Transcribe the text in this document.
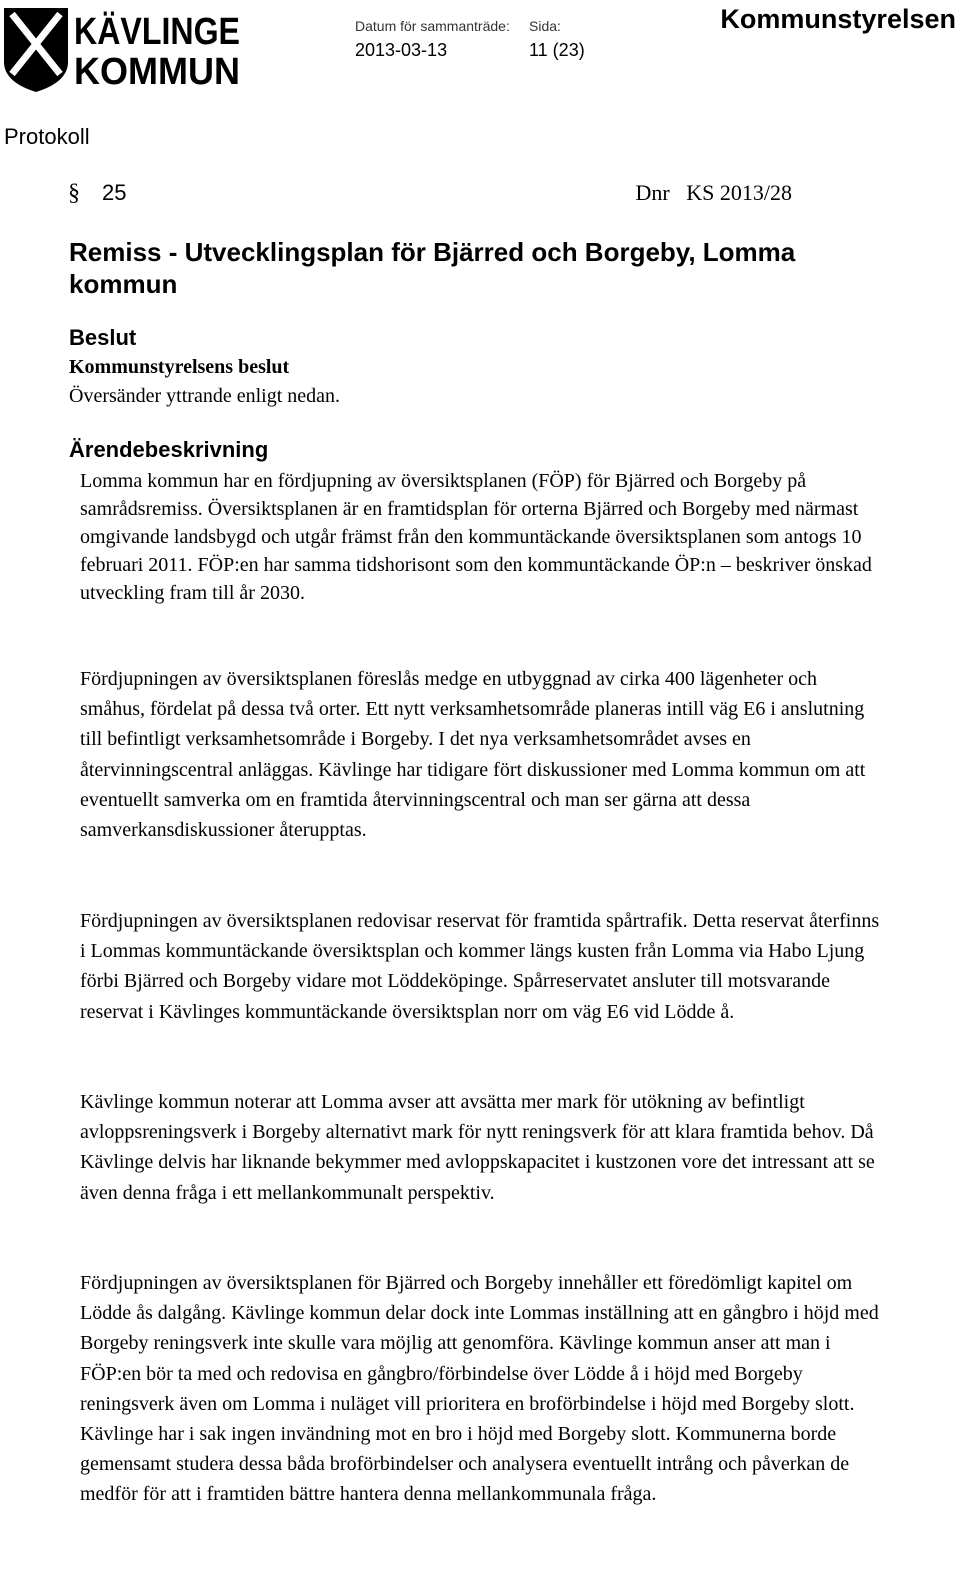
KÄVLINGE
KOMMUN
Datum för sammanträde:
2013-03-13
Sida:
11 (23)
Kommunstyrelsen
Protokoll
§ 25	Dnr   KS 2013/28
Remiss - Utvecklingsplan för Bjärred och Borgeby, Lomma kommun
Beslut
Kommunstyrelsens beslut

Översänder yttrande enligt nedan.

Ärendebeskrivning

Lomma kommun har en fördjupning av översiktsplanen (FÖP) för Bjärred och Borgeby på samrådsremiss. Översiktsplanen är en framtidsplan för orterna Bjärred och Borgeby med närmast omgivande landsbygd och utgår främst från den kommuntäckande översiktsplanen som antogs 10 februari 2011. FÖP:en har samma tidshorisont som den kommuntäckande ÖP:n – beskriver önskad utveckling fram till år 2030.

Fördjupningen av översiktsplanen föreslås medge en utbyggnad av cirka 400 lägenheter och småhus, fördelat på dessa två orter. Ett nytt verksamhetsområde planeras intill väg E6 i anslutning till befintligt verksamhetsområde i Borgeby. I det nya verksamhetsområdet avses en återvinningscentral anläggas. Kävlinge har tidigare fört diskussioner med Lomma kommun om att eventuellt samverka om en framtida återvinningscentral och man ser gärna att dessa samverkansdiskussioner återupptas.

Fördjupningen av översiktsplanen redovisar reservat för framtida spårtrafik. Detta reservat återfinns i Lommas kommuntäckande översiktsplan och kommer längs kusten från Lomma via Habo Ljung förbi Bjärred och Borgeby vidare mot Löddeköpinge. Spårreservatet ansluter till motsvarande reservat i Kävlinges kommuntäckande översiktsplan norr om väg E6 vid Lödde å.

Kävlinge kommun noterar att Lomma avser att avsätta mer mark för utökning av befintligt avloppsreningsverk i Borgeby alternativt mark för nytt reningsverk för att klara framtida behov. Då Kävlinge delvis har liknande bekymmer med avloppskapacitet i kustzonen vore det intressant att se även denna fråga i ett mellankommunalt perspektiv.

Fördjupningen av översiktsplanen för Bjärred och Borgeby innehåller ett föredömligt kapitel om Lödde ås dalgång. Kävlinge kommun delar dock inte Lommas inställning att en gångbro i höjd med Borgeby reningsverk inte skulle vara möjlig att genomföra. Kävlinge kommun anser att man i FÖP:en bör ta med och redovisa en gångbro/förbindelse över Lödde å i höjd med Borgeby reningsverk även om Lomma i nuläget vill prioritera en broförbindelse i höjd med Borgeby slott. Kävlinge har i sak ingen invändning mot en bro i höjd med Borgeby slott. Kommunerna borde gemensamt studera dessa båda broförbindelser och analysera eventuellt intrång och påverkan de medför för att i framtiden bättre hantera denna mellankommunala fråga.
